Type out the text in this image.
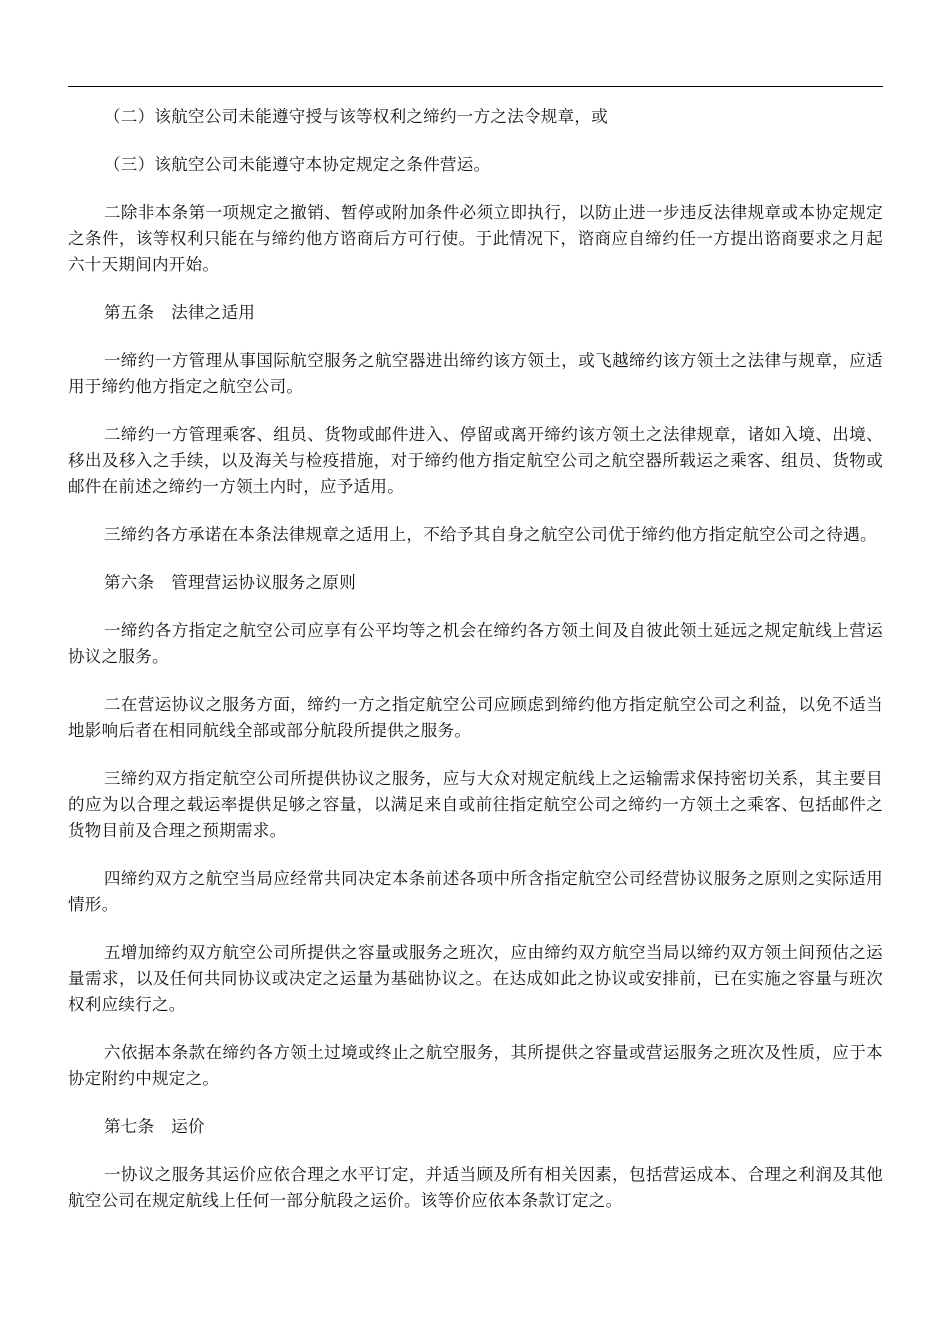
（二）该航空公司未能遵守授与该等权利之缔约一方之法令规章，或

（三）该航空公司未能遵守本协定规定之条件营运。

二除非本条第一项规定之撤销、暂停或附加条件必须立即执行，以防止进一步违反法律规章或本协定规定之条件，该等权利只能在与缔约他方谘商后方可行使。于此情况下，谘商应自缔约任一方提出谘商要求之月起六十天期间内开始。

第五条　法律之适用

一缔约一方管理从事国际航空服务之航空器进出缔约该方领土，或飞越缔约该方领土之法律与规章，应适用于缔约他方指定之航空公司。

二缔约一方管理乘客、组员、货物或邮件进入、停留或离开缔约该方领土之法律规章，诸如入境、出境、移出及移入之手续，以及海关与检疫措施，对于缔约他方指定航空公司之航空器所载运之乘客、组员、货物或邮件在前述之缔约一方领土内时，应予适用。

三缔约各方承诺在本条法律规章之适用上，不给予其自身之航空公司优于缔约他方指定航空公司之待遇。

第六条　管理营运协议服务之原则

一缔约各方指定之航空公司应享有公平均等之机会在缔约各方领土间及自彼此领土延远之规定航线上营运协议之服务。

二在营运协议之服务方面，缔约一方之指定航空公司应顾虑到缔约他方指定航空公司之利益，以免不适当地影响后者在相同航线全部或部分航段所提供之服务。

三缔约双方指定航空公司所提供协议之服务，应与大众对规定航线上之运输需求保持密切关系，其主要目的应为以合理之载运率提供足够之容量，以满足来自或前往指定航空公司之缔约一方领土之乘客、包括邮件之货物目前及合理之预期需求。

四缔约双方之航空当局应经常共同决定本条前述各项中所含指定航空公司经营协议服务之原则之实际适用情形。

五增加缔约双方航空公司所提供之容量或服务之班次，应由缔约双方航空当局以缔约双方领土间预估之运量需求，以及任何共同协议或决定之运量为基础协议之。在达成如此之协议或安排前，已在实施之容量与班次权利应续行之。

六依据本条款在缔约各方领土过境或终止之航空服务，其所提供之容量或营运服务之班次及性质，应于本协定附约中规定之。

第七条　运价

一协议之服务其运价应依合理之水平订定，并适当顾及所有相关因素，包括营运成本、合理之利润及其他航空公司在规定航线上任何一部分航段之运价。该等价应依本条款订定之。
